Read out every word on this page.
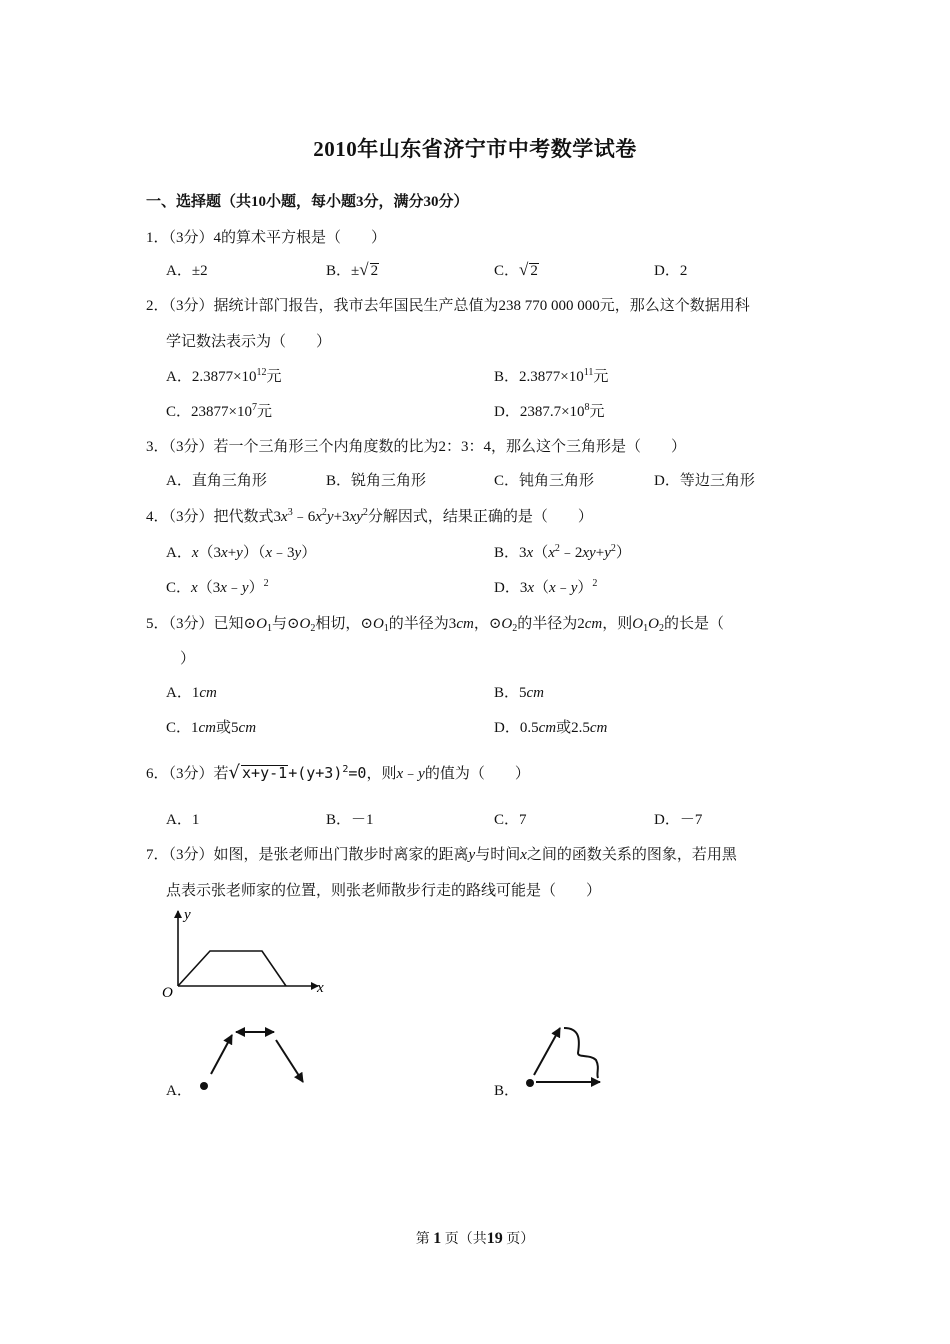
2010年山东省济宁市中考数学试卷
一、选择题（共10小题，每小题3分，满分30分）
1．（3分）4的算术平方根是（　　）
A．±2	B．±√ 2	C．√ 2	D．2
2．（3分）据统计部门报告，我市去年国民生产总值为238 770 000 000元，那么这个数据用科
学记数法表示为（　　）
A．$2.3877\times 10^{12}$元	B．$2.3877\times 10^{11}$元
C．$23877\times 10^7$元	D．$2387.7\times 10^8$元
3．（3分）若一个三角形三个内角度数的比为2：3：4，那么这个三角形是（　　）
A．直角三角形	B．锐角三角形	C．钝角三角形	D．等边三角形
4．（3分）把代数式$3x^3﹣6x^2y+3xy^2$分解因式，结果正确的是（　　）
A．x（3x+y）（x﹣3y）	B．$3x(x^2﹣2xy+y^2)$
C．x（3x﹣y）$^2$	D．3x（x﹣y）$^2$
5．（3分）已知$⊙O_1$与$⊙O_2$相切，$⊙O_1$的半径为3cm，$⊙O_2$的半径为2cm，则$O_1O_2$的长是（
）
A．1cm	B．5cm
C．1cm或5cm	D．0.5cm或2.5cm
6．（3分）若√ $x+y-1+(y+3)^2=0$，则x﹣y的值为（　　）
A．1	B．－1	C．7	D．－7
7．（3分）如图，是张老师出门散步时离家的距离y与时间x之间的函数关系的图象，若用黑
点表示张老师家的位置，则张老师散步行走的路线可能是（　　）
y
x
O
A．	B．
第 1 页（共19 页）
